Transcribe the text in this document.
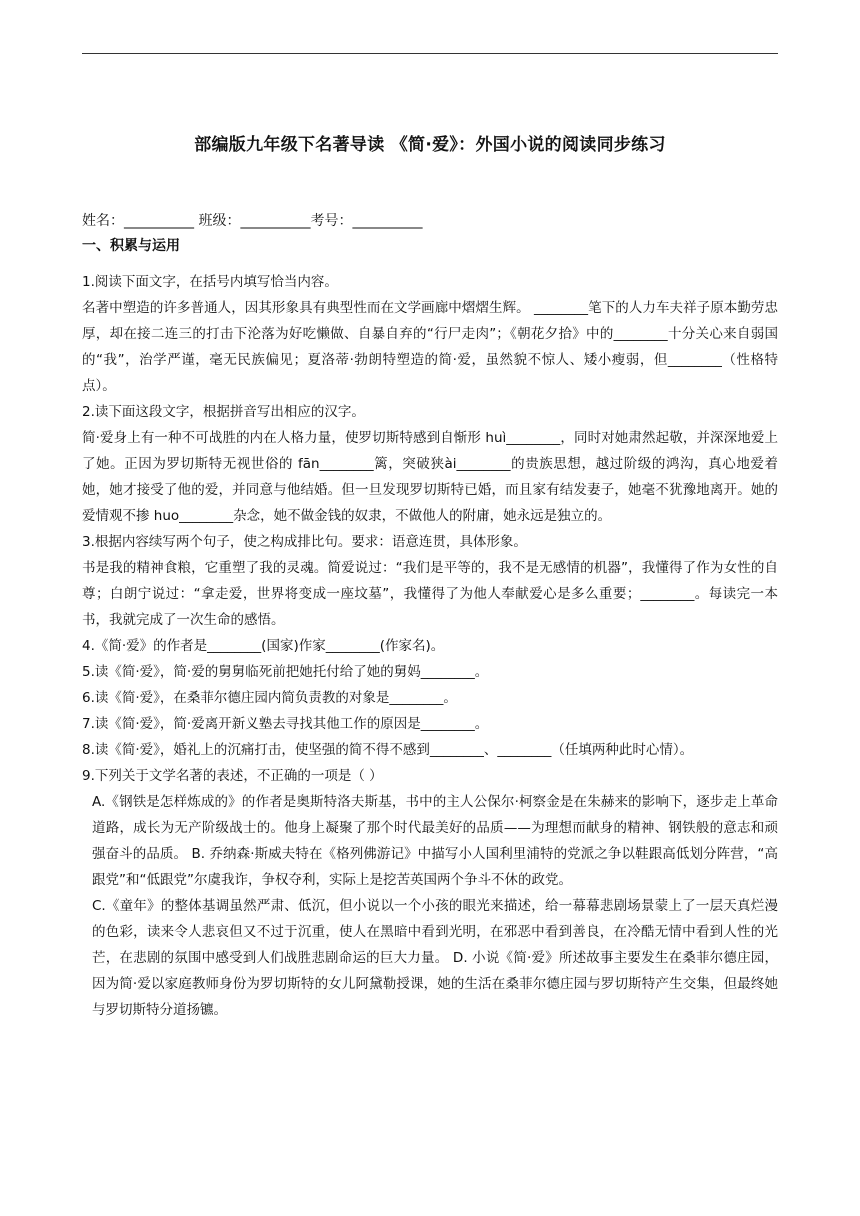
部编版九年级下名著导读 《简·爱》：外国小说的阅读同步练习
姓名：__________ 班级：__________考号：__________
一、积累与运用

1.阅读下面文字，在括号内填写恰当内容。

名著中塑造的许多普通人，因其形象具有典型性而在文学画廊中熠熠生辉。 ________笔下的人力车夫祥子原本勤劳忠厚，却在接二连三的打击下沦落为好吃懒做、自暴自弃的“行尸走肉”；《朝花夕拾》中的________十分关心来自弱国的“我”，治学严谨，毫无民族偏见；夏洛蒂·勃朗特塑造的简·爱，虽然貌不惊人、矮小瘦弱，但________（性格特点）。

2.读下面这段文字，根据拼音写出相应的汉字。

简·爱身上有一种不可战胜的内在人格力量，使罗切斯特感到自惭形 huì________，同时对她肃然起敬，并深深地爱上了她。正因为罗切斯特无视世俗的 fān________篱，突破狭ài________的贵族思想，越过阶级的鸿沟，真心地爱着她，她才接受了他的爱，并同意与他结婚。但一旦发现罗切斯特已婚，而且家有结发妻子，她毫不犹豫地离开。她的爱情观不掺 huo________杂念，她不做金钱的奴隶，不做他人的附庸，她永远是独立的。

3.根据内容续写两个句子，使之构成排比句。要求：语意连贯，具体形象。

书是我的精神食粮，它重塑了我的灵魂。简爱说过：“我们是平等的，我不是无感情的机器”，我懂得了作为女性的自尊；白朗宁说过：“拿走爱，世界将变成一座坟墓”，我懂得了为他人奉献爱心是多么重要；________。每读完一本书，我就完成了一次生命的感悟。

4.《简·爱》的作者是________(国家)作家________(作家名)。

5.读《简·爱》，简·爱的舅舅临死前把她托付给了她的舅妈________。

6.读《简·爱》，在桑菲尔德庄园内简负责教的对象是________。

7.读《简·爱》，简·爱离开新义塾去寻找其他工作的原因是________。

8.读《简·爱》，婚礼上的沉痛打击，使坚强的简不得不感到________、________（任填两种此时心情）。

9.下列关于文学名著的表述，不正确的一项是（ ）

A.《钢铁是怎样炼成的》的作者是奥斯特洛夫斯基，书中的主人公保尔·柯察金是在朱赫来的影响下，逐步走上革命道路，成长为无产阶级战士的。他身上凝聚了那个时代最美好的品质——为理想而献身的精神、钢铁般的意志和顽强奋斗的品质。 B. 乔纳森·斯威夫特在《格列佛游记》中描写小人国利里浦特的党派之争以鞋跟高低划分阵营，“高跟党”和“低跟党”尔虞我诈，争权夺利，实际上是挖苦英国两个争斗不休的政党。

C.《童年》的整体基调虽然严肃、低沉，但小说以一个小孩的眼光来描述，给一幕幕悲剧场景蒙上了一层天真烂漫的色彩，读来令人悲哀但又不过于沉重，使人在黑暗中看到光明，在邪恶中看到善良，在冷酷无情中看到人性的光芒，在悲剧的氛围中感受到人们战胜悲剧命运的巨大力量。 D. 小说《简·爱》所述故事主要发生在桑菲尔德庄园，因为简·爱以家庭教师身份为罗切斯特的女儿阿黛勒授课，她的生活在桑菲尔德庄园与罗切斯特产生交集，但最终她与罗切斯特分道扬镳。
